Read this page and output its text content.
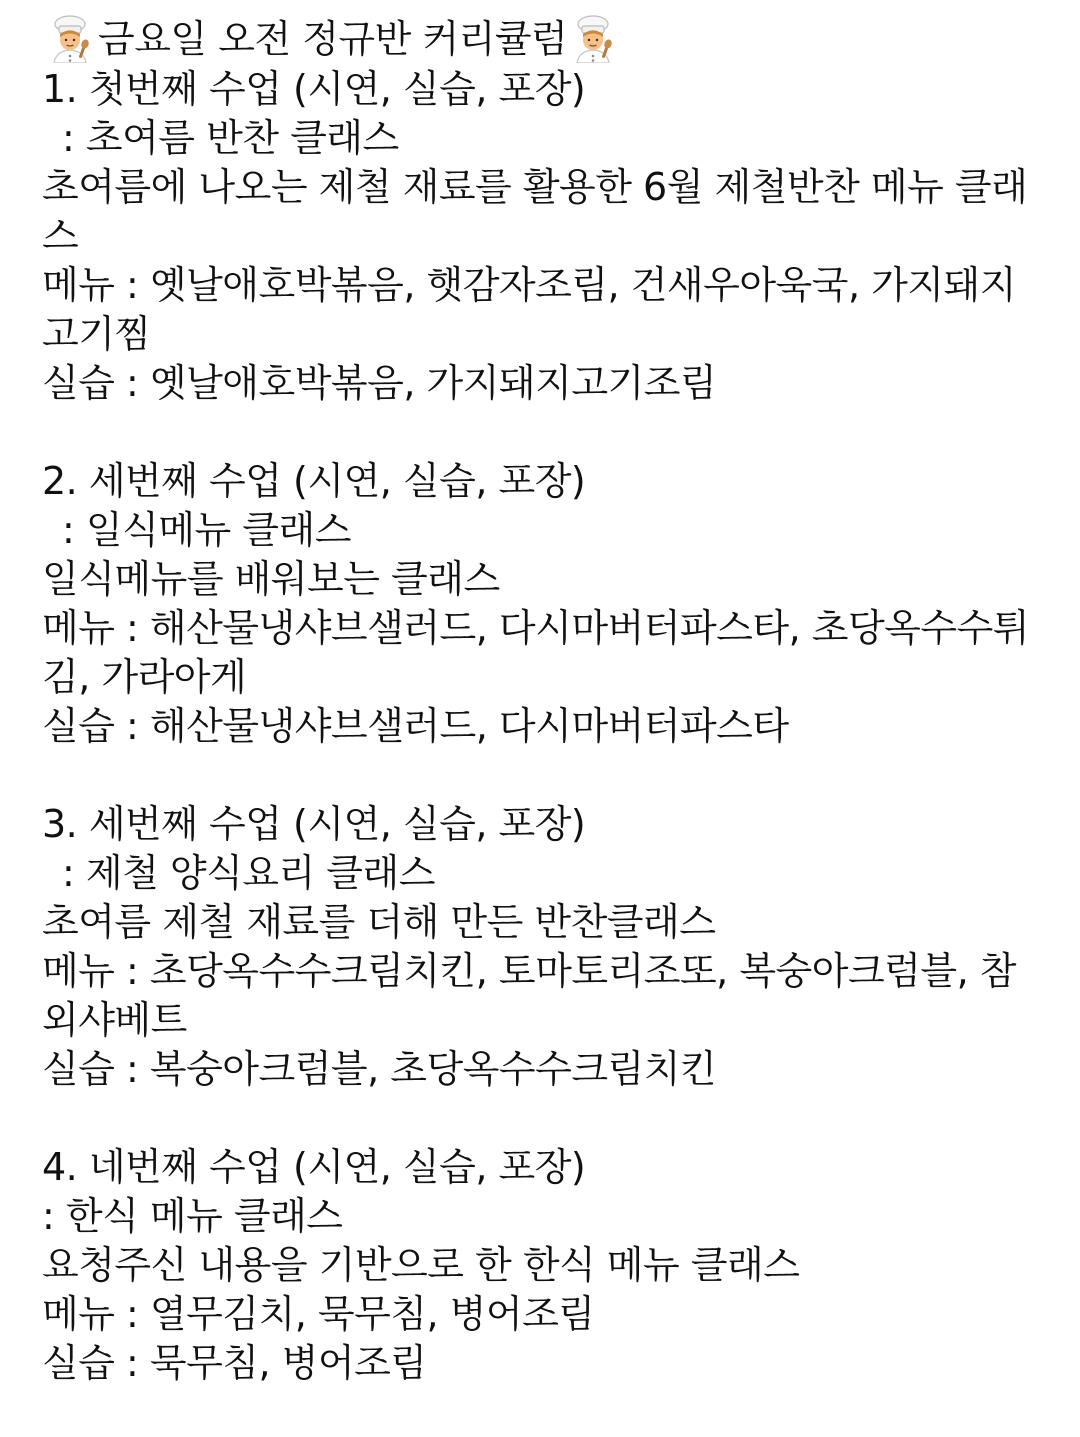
금요일 오전 정규반 커리큘럼
1. 첫번째 수업 (시연, 실습, 포장)
: 초여름 반찬 클래스
초여름에 나오는 제철 재료를 활용한 6월 제철반찬 메뉴 클래스
메뉴 : 옛날애호박볶음, 햇감자조림, 건새우아욱국, 가지돼지고기찜
실습 : 옛날애호박볶음, 가지돼지고기조림
2. 세번째 수업 (시연, 실습, 포장)
: 일식메뉴 클래스
일식메뉴를 배워보는 클래스
메뉴 : 해산물냉샤브샐러드, 다시마버터파스타, 초당옥수수튀김, 가라아게
실습 : 해산물냉샤브샐러드, 다시마버터파스타
3. 세번째 수업 (시연, 실습, 포장)
: 제철 양식요리 클래스
초여름 제철 재료를 더해 만든 반찬클래스
메뉴 : 초당옥수수크림치킨, 토마토리조또, 복숭아크럼블, 참외샤베트
실습 : 복숭아크럼블, 초당옥수수크림치킨
4. 네번째 수업 (시연, 실습, 포장)
: 한식 메뉴 클래스
요청주신 내용을 기반으로 한 한식 메뉴 클래스
메뉴 : 열무김치, 묵무침, 병어조림
실습 : 묵무침, 병어조림
